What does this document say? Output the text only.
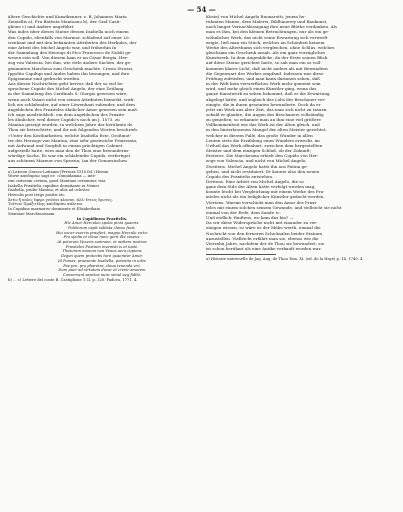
— 54 —
ältere Geschichte und Kunstkenner, z. B. Johannes Maria
Zeiniellis a), Fra Battista Mantoano b), der Graf Casti-
glione c) und Andere angeführt.
Was indes über dieses Statue dessen Iisabella noch einem
den Cupido, ebenfalls von Marmor, schlafend auf einer Lö-
wenhaut und mit den bekannten Attributen des Herkules, der
eine Arbeit des Michel Angelo war, und früherhin in
der Sammlung des Herzogs di Pico Francesco de Nobili ge-
wesen sein soll. Von diesem kam er an Cäsar Borgia, Her-
zog von Valencia, bei ihm, wie viele andere Sachen, der ge-
genannten Marchesa zum Geschenk machte. Crosio Strozzi,
Ippolito Capilupi und Andre haben ihn besungen, und ihre
Epigramme sind gedruckt worden.
Aus diesen Nachrichten geht hervor, daß der so viel be-
sprochene Cupido des Michel Angelo, der eine Zeitlang
in der Sammlung des Cardinals S. Giorgio gewesen wäre,
wenn auch Vasari nicht von seinen Attributen bemerkt, wirk-
lich ein schlafender, auf einer Löwenhaut ruhender, und dem
angeblichen des Praxiteles ähnlicher Amor gewesen sein muß.
Ich sage ausdrücklich: ein dem angeblichen des Praxite-
les ähnlicher, weil dieser Cupido's noch im J. 1573. zu
Mantua gezeigt wurden, in welchem Jahre der berühmte de
Thou sie betrachtete, und ihr mit folgenden Worten beschrieb.
»Unter den Kostbarkeiten, welche Iisabella Este, Großmut-
ter des Herzogs von Mantua, eine sehr geistreiche Prinzessin,
mit Aufwand und Sorgfalt in einem prächtigen Cabinet
aufgestellt hatte, wies man den de Thou eine bewunderns-
würdige Sache. Es war ein schlafender Cupido, verfertiget
aus schönem Marmor von Spezzia; (an der Genuesischen
a) Lexicon Graeco-Latinum (Ferrara 1510.fol.) Hemm
Worte καυδαμάω sagt er: »Omnidamna — inte-
rim ceiterum certum, quod Mantuae cernuntur, visa
Isabella Praxitelis cupidine dormitante in Nemei
Iisabella, pridie Mantua, et aliis ad celestes
Herculis post tergo positis etc.
Ἀτέω ἤ πόλις ἔφερε γνῶναι κλοναν, ἀλλ' ἔτεως ἔρωτος,
Τούτων Πραξιτέλης καυδαμάω κάλεται.
In Cupidine marmoreo dormiente et Elisabetham
Mantuae Marchionissam.
In Cupidinem Praxitelis.
Hic Amor Herculeo spolia picta quaeris:
Polelorum capit sublata claves facit.
Hui vocar exercis praefert, magno Hercule victo:
Pro spolia et claue nunc gerit illa caseus.
At potorum Veneris somnum, et mittere nostras
Praxiteles Fustium invenisti is et iuste.
Thesoram manum non Venus aera cupiens
Ilegon quem protectis ture quaerator Amor.
Id Pomax, praesente Iisabella, potentia in urbe
Fae pro, pro pharetra, claua tenenda viri.
Dum puer ad virtutem ducar et crevir amorem
Conservant sanctos nunc simul aeg fidibi.
b) ... c) Lettere del conte B. Castiglione T. II. p. 320. Padova, 1771. 4.
Küste) von Michel Angelo Buonarotti, jenem be-
rühmten Manne, dem Malerei, Bildhauerey und Baukunst,
nach langer Vernachlässigung ihre neue Blüthe verdanken. Als
man es ihm, bei den kleinen Betrachtungen, nur als ein ge-
wöhnliches Werk, das nicht seine Erwartung sich verwerft
zeigte, ließ man ein Stück, welches an Schönheit keinem
Werke des Alterthums sich vergleichen, ohne Schlüs, welches
gleichsam ein Geschenk ansah. Als ein ganz vorzügliches
Kunstwerk. In dem Augenblicke, da der Erste seinen Blick
auf diese Statue gerichtet hatte, so sah man ein so voll-
kommen klares Licht, daß nicht anders als mit Bewundern
die Gegenwart des Werkes empfand. Indessen war diese
Prüfung zufrieden, und man kann darinnen sehen, daß
in der Welt kein verwerfliches Werk mehr gemeint sein
wird, und mehr gleich einen Künstler ging, wenn das
ganze Kunstwerk zu sehen bekommt, daß er die Erwartung
abgelegt hätte; und sogleich des Lobs der Beschauer ver-
einigte, die in ihnen geseinten bewunderte. Doch da er
jetzt ein Werk aus alter Zeit, das man sich nicht zu trauen
sobald er glaubte, die Augen des Beschauers vollständig
zu genießen; so erkannte man an ihm eine viel größere
Vollkommenheit wie das Werk ist der Alten gleich, und
in den hinterlassenen Mangel der alten Meister gerichtet,
welcher in diesem Falle, das große Wunder in allen
Leuten stets die Erzählung eines Wunders erweckt, im
Urtheil das Werk offenbart, zwischen dem hergestellten
Meister und dem einzigen Schluß, ob der Zukunft;
Ersteres. Die Marchesina erhielt den Cupido von Her-
zoge von Valencia, und nicht von Michel Angelo.
Zweitens. Michel Angelo hatte ihn aus Fatina ge-
geben, und nicht restituiert. Er konnte also den neuen
Cupido des Praxitelis entstehen.
Drittens. Eine Arbeit von Michel Angelo, die so
ganz dem Stile der Alten hätte verfolgt werden mag,
konnte leicht bei Vergleichung mit einem Werke des Pra-
xiteles nicht als ein lediglicher Künstler gedacht werden.
Viertens. Warum verschickt man den Amor des Praxi-
teles mit einem solchen seinem Gewande, und vielleicht sie nicht
einmal von der Erde, dem Sande ꝛc.
Und endlich: fünftens, wo kam das hin? —
Da wir diese Widersprüche nicht mit einander zu ver-
einigen wissen, so wäre es der Mühe werth, einmal die
Nachricht von den ferneren Schicksalen beider Statuen
anzustellen. Vielleicht erfährt man sie, ebenso wie die
Vierzehn Jahre, nachdem der de Thou sie bewundert, sie
ist schon berühmt als eine Antike verkauft worden war.
a) Historie universelle de Jaq. Aug. de Thou Tom. XI. (ed. de la Haye) p. 14. 1740. 4.
